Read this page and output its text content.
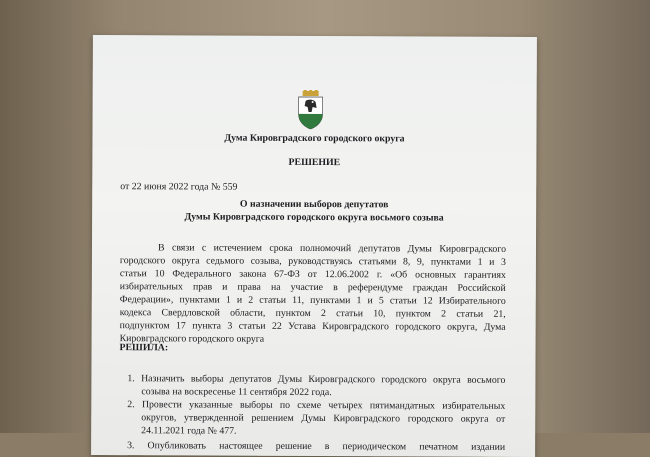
Дума Кировградского городского округа
РЕШЕНИЕ
от 22 июня 2022 года № 559
О назначении выборов депутатов
Думы Кировградского городского округа восьмого созыва
В связи с истечением срока полномочий депутатов Думы Кировградского
городского округа седьмого созыва, руководствуясь статьями 8, 9, пунктами 1 и 3
статьи 10 Федерального закона 67-ФЗ от 12.06.2002 г. «Об основных гарантиях
избирательных прав и права на участие в референдуме граждан Российской
Федерации», пунктами 1 и 2 статьи 11, пунктами 1 и 5 статьи 12 Избирательного
кодекса Свердловской области, пунктом 2 статьи 10, пунктом 2 статьи 21,
подпунктом 17 пункта 3 статьи 22 Устава Кировградского городского округа, Дума
Кировградского городского округа
РЕШИЛА:
1. Назначить выборы депутатов Думы Кировградского городского округа восьмого
созыва на воскресенье 11 сентября 2022 года.
2. Провести указанные выборы по схеме четырех пятимандатных избирательных
округов, утвержденной решением Думы Кировградского городского округа от
24.11.2021 года № 477.
3. Опубликовать настоящее решение в периодическом печатном издании
